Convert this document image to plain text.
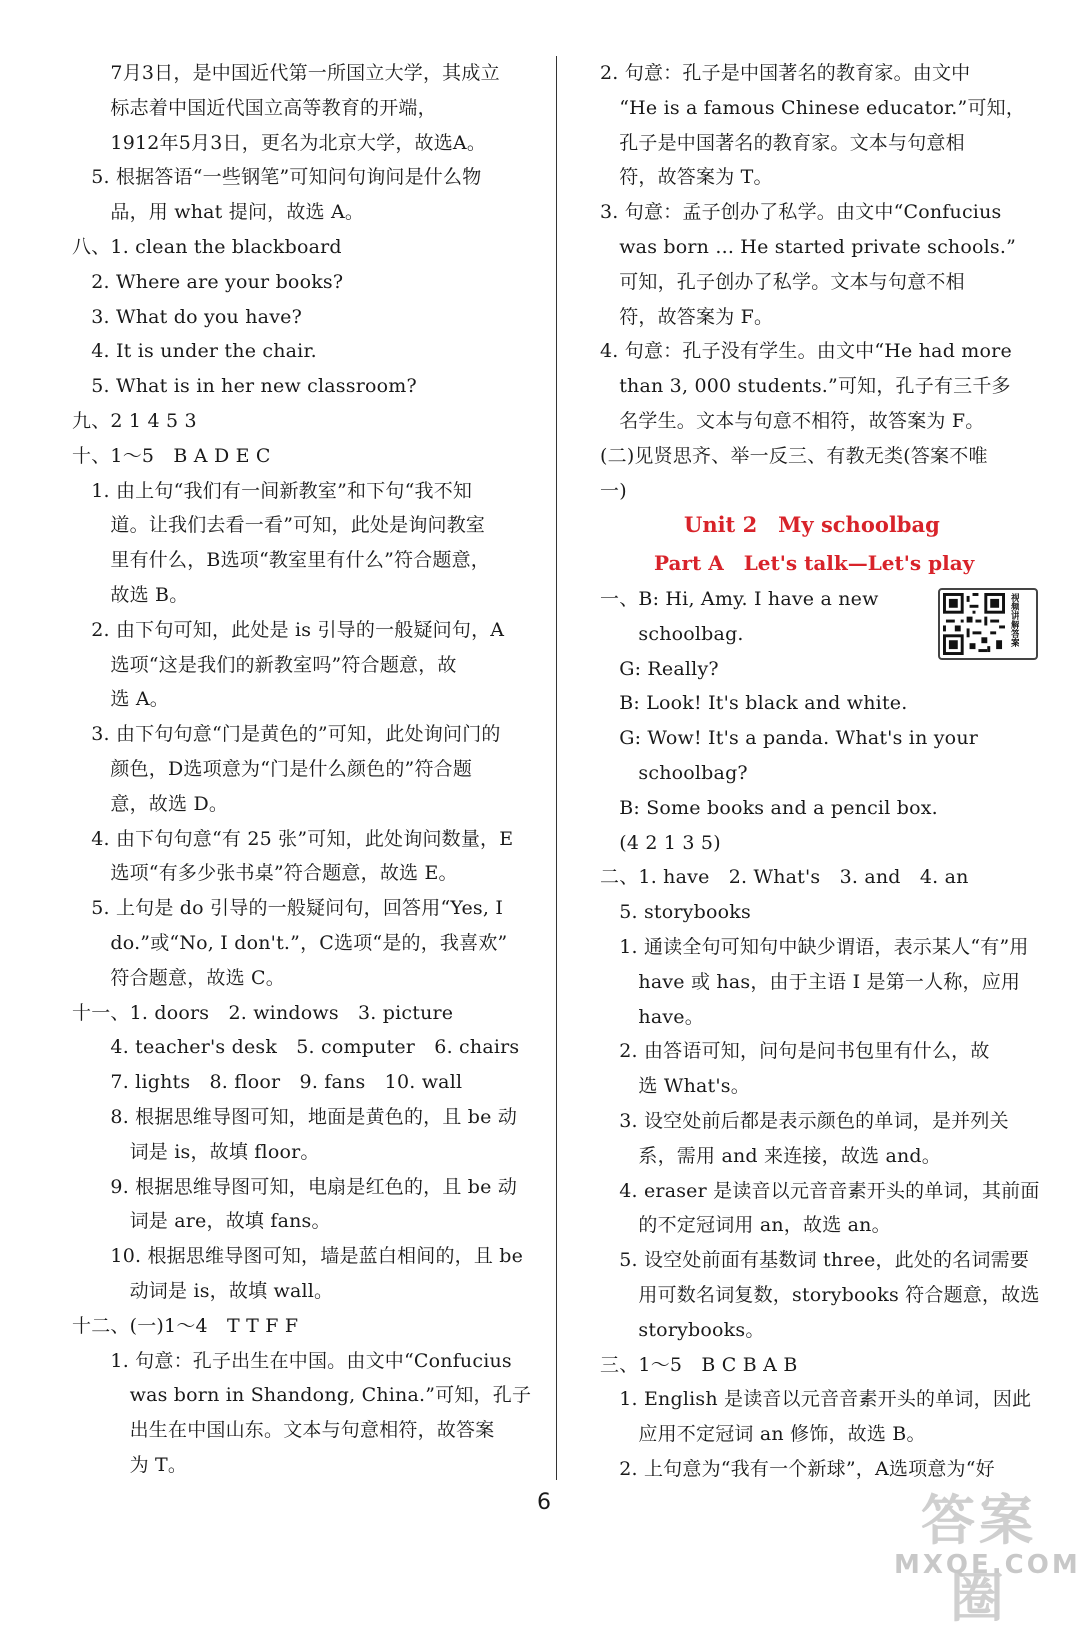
　　7月3日，是中国近代第一所国立大学，其成立
　　标志着中国近代国立高等教育的开端，
　　1912年5月3日，更名为北京大学，故选A。
　5. 根据答语“一些钢笔”可知问句询问是什么物
　　品，用 what 提问，故选 A。
八、1. clean the blackboard
　2. Where are your books?
　3. What do you have?
　4. It is under the chair.
　5. What is in her new classroom?
九、2 1 4 5 3
十、1～5　B A D E C
　1. 由上句“我们有一间新教室”和下句“我不知
　　道。让我们去看一看”可知，此处是询问教室
　　里有什么，B选项“教室里有什么”符合题意，
　　故选 B。
　2. 由下句可知，此处是 is 引导的一般疑问句，A
　　选项“这是我们的新教室吗”符合题意，故
　　选 A。
　3. 由下句句意“门是黄色的”可知，此处询问门的
　　颜色，D选项意为“门是什么颜色的”符合题
　　意，故选 D。
　4. 由下句句意“有 25 张”可知，此处询问数量，E
　　选项“有多少张书桌”符合题意，故选 E。
　5. 上句是 do 引导的一般疑问句，回答用“Yes, I
　　do.”或“No, I don't.”，C选项“是的，我喜欢”
　　符合题意，故选 C。
十一、1. doors　2. windows　3. picture
　　4. teacher's desk　5. computer　6. chairs
　　7. lights　8. floor　9. fans　10. wall
　　8. 根据思维导图可知，地面是黄色的，且 be 动
　　　词是 is，故填 floor。
　　9. 根据思维导图可知，电扇是红色的，且 be 动
　　　词是 are，故填 fans。
　　10. 根据思维导图可知，墙是蓝白相间的，且 be
　　　动词是 is，故填 wall。
十二、(一)1～4　T T F F
　　1. 句意：孔子出生在中国。由文中“Confucius
　　　was born in Shandong, China.”可知，孔子
　　　出生在中国山东。文本与句意相符，故答案
　　　为 T。
2. 句意：孔子是中国著名的教育家。由文中
　“He is a famous Chinese educator.”可知，
　孔子是中国著名的教育家。文本与句意相
　符，故答案为 T。
3. 句意：孟子创办了私学。由文中“Confucius
　was born ... He started private schools.”
　可知，孔子创办了私学。文本与句意不相
　符，故答案为 F。
4. 句意：孔子没有学生。由文中“He had more
　than 3, 000 students.”可知，孔子有三千多
　名学生。文本与句意不相符，故答案为 F。
(二)见贤思齐、举一反三、有教无类(答案不唯
一)
Unit 2　My schoolbag
Part A　Let's talk—Let's play
一、B: Hi, Amy. I have a new
　　schoolbag.
　G: Really?
　B: Look! It's black and white.
　G: Wow! It's a panda. What's in your
　　schoolbag?
　B: Some books and a pencil box.
　(4 2 1 3 5)
二、1. have　2. What's　3. and　4. an
　5. storybooks
　1. 通读全句可知句中缺少谓语，表示某人“有”用
　　have 或 has，由于主语 I 是第一人称，应用
　　have。
　2. 由答语可知，问句是问书包里有什么，故
　　选 What's。
　3. 设空处前后都是表示颜色的单词，是并列关
　　系，需用 and 来连接，故选 and。
　4. eraser 是读音以元音音素开头的单词，其前面
　　的不定冠词用 an，故选 an。
　5. 设空处前面有基数词 three，此处的名词需要
　　用可数名词复数，storybooks 符合题意，故选
　　storybooks。
三、1～5　B C B A B
　1. English 是读音以元音音素开头的单词，因此
　　应用不定冠词 an 修饰，故选 B。
　2. 上句意为“我有一个新球”，A选项意为“好
视频讲解答案
6	答案圈
MXQE.COM
